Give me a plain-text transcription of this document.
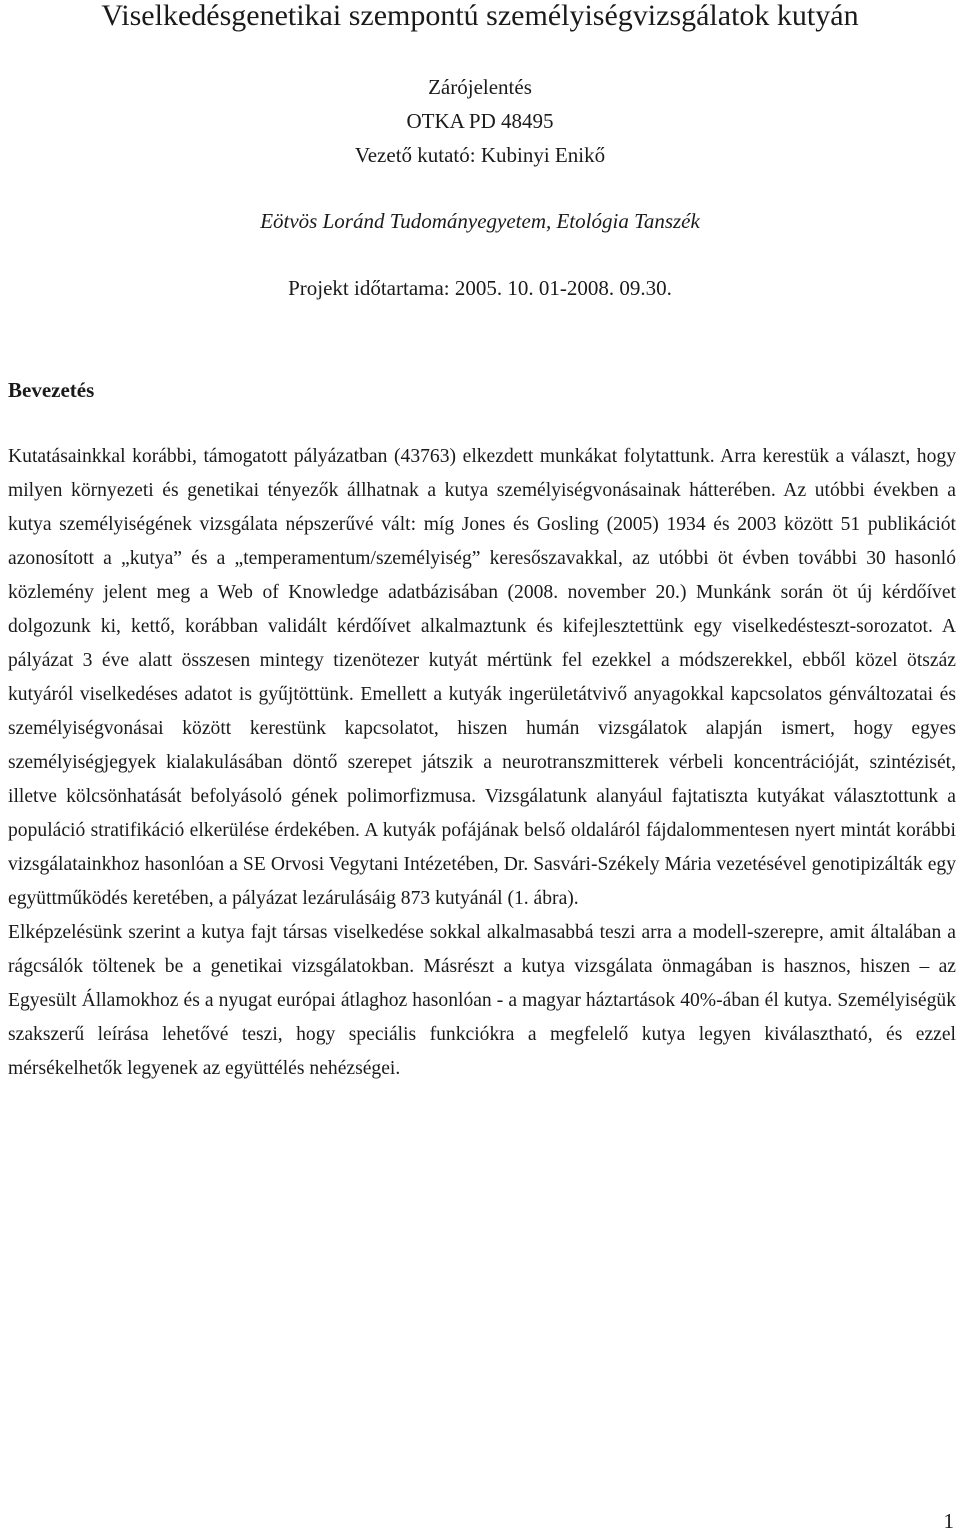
Viselkedésgenetikai szempontú személyiségvizsgálatok kutyán

Zárójelentés

OTKA PD 48495

Vezető kutató: Kubinyi Enikő

Eötvös Loránd Tudományegyetem, Etológia Tanszék

Projekt időtartama: 2005. 10. 01-2008. 09.30.

Bevezetés

Kutatásainkkal korábbi, támogatott pályázatban (43763) elkezdett munkákat folytattunk. Arra kerestük a választ, hogy milyen környezeti és genetikai tényezők állhatnak a kutya személyiségvonásainak hátterében. Az utóbbi években a kutya személyiségének vizsgálata népszerűvé vált: míg Jones és Gosling (2005) 1934 és 2003 között 51 publikációt azonosított a „kutya” és a „temperamentum/személyiség” keresőszavakkal, az utóbbi öt évben további 30 hasonló közlemény jelent meg a Web of Knowledge adatbázisában (2008. november 20.) Munkánk során öt új kérdőívet dolgozunk ki, kettő, korábban validált kérdőívet alkalmaztunk és kifejlesztettünk egy viselkedésteszt-sorozatot. A pályázat 3 éve alatt összesen mintegy tizenötezer kutyát mértünk fel ezekkel a módszerekkel, ebből közel ötszáz kutyáról viselkedéses adatot is gyűjtöttünk. Emellett a kutyák ingerületátvivő anyagokkal kapcsolatos génváltozatai és személyiségvonásai között kerestünk kapcsolatot, hiszen humán vizsgálatok alapján ismert, hogy egyes személyiségjegyek kialakulásában döntő szerepet játszik a neurotranszmitterek vérbeli koncentrációját, szintézisét, illetve kölcsönhatását befolyásoló gének polimorfizmusa. Vizsgálatunk alanyául fajtatiszta kutyákat választottunk a populáció stratifikáció elkerülése érdekében. A kutyák pofájának belső oldaláról fájdalommentesen nyert mintát korábbi vizsgálatainkhoz hasonlóan a SE Orvosi Vegytani Intézetében, Dr. Sasvári-Székely Mária vezetésével genotipizálták egy együttműködés keretében, a pályázat lezárulásáig 873 kutyánál (1. ábra).

Elképzelésünk szerint a kutya fajt társas viselkedése sokkal alkalmasabbá teszi arra a modell-szerepre, amit általában a rágcsálók töltenek be a genetikai vizsgálatokban. Másrészt a kutya vizsgálata önmagában is hasznos, hiszen – az Egyesült Államokhoz és a nyugat európai átlaghoz hasonlóan - a magyar háztartások 40%-ában él kutya. Személyiségük szakszerű leírása lehetővé teszi, hogy speciális funkciókra a megfelelő kutya legyen kiválasztható, és ezzel mérsékelhetők legyenek az együttélés nehézségei.

1
